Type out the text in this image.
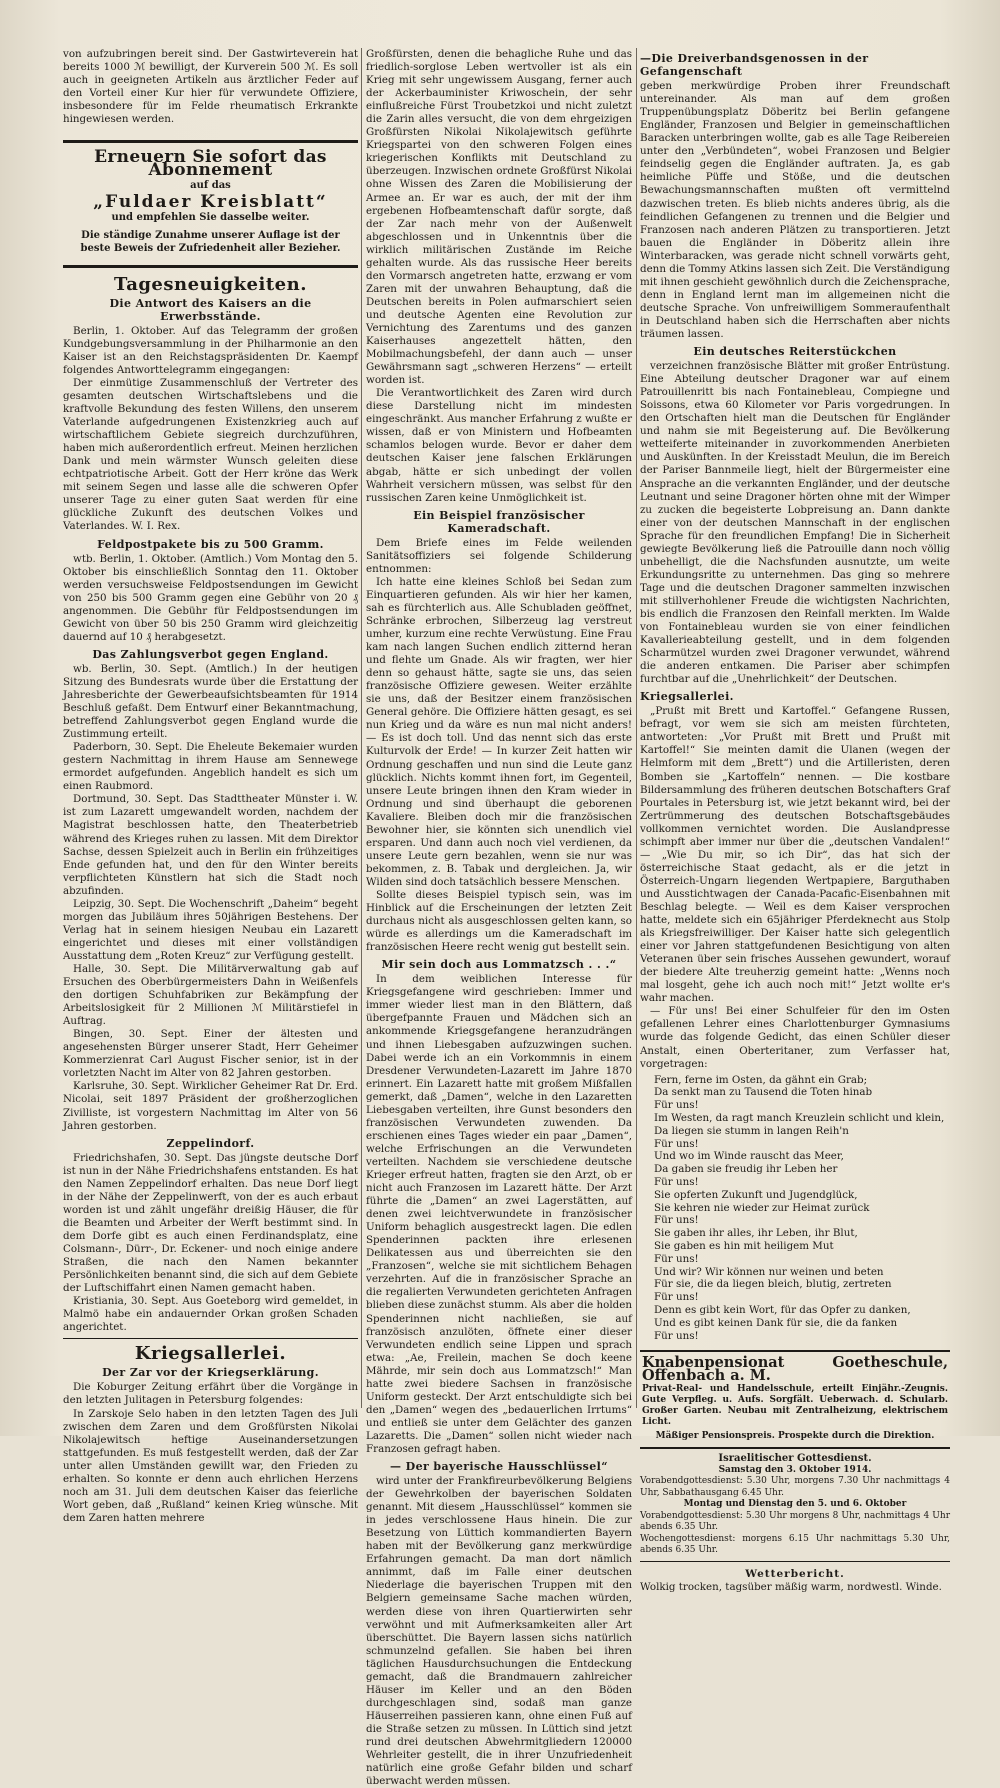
von aufzubringen bereit sind. Der Gastwirteverein hat bereits 1000 ℳ bewilligt, der Kurverein 500 ℳ. Es soll auch in geeigneten Artikeln aus ärztlicher Feder auf den Vorteil einer Kur hier für verwundete Offiziere, insbesondere für im Felde rheumatisch Erkrankte hingewiesen werden.

Erneuern Sie sofort das Abonnement
auf das
„Fuldaer Kreisblatt“
und empfehlen Sie dasselbe weiter.
Die ständige Zunahme unserer Auflage ist der beste Beweis der Zufriedenheit aller Bezieher.
Tagesneuigkeiten.
Die Antwort des Kaisers an die Erwerbsstände.

Berlin, 1. Oktober. Auf das Telegramm der großen Kundgebungsversammlung in der Philharmonie an den Kaiser ist an den Reichstagspräsidenten Dr. Kaempf folgendes Antworttelegramm eingegangen:

Der einmütige Zusammenschluß der Vertreter des gesamten deutschen Wirtschaftslebens und die kraftvolle Bekundung des festen Willens, den unserem Vaterlande aufgedrungenen Existenzkrieg auch auf wirtschaftlichem Gebiete siegreich durchzuführen, haben mich außerordentlich erfreut. Meinen herzlichen Dank und mein wärmster Wunsch geleiten diese echtpatriotische Arbeit. Gott der Herr kröne das Werk mit seinem Segen und lasse alle die schweren Opfer unserer Tage zu einer guten Saat werden für eine glückliche Zukunft des deutschen Volkes und Vaterlandes. W. I. Rex.

Feldpostpakete bis zu 500 Gramm.

wtb. Berlin, 1. Oktober. (Amtlich.) Vom Montag den 5. Oktober bis einschließlich Sonntag den 11. Oktober werden versuchsweise Feldpostsendungen im Gewicht von 250 bis 500 Gramm gegen eine Gebühr von 20 ₰ angenommen. Die Gebühr für Feldpostsendungen im Gewicht von über 50 bis 250 Gramm wird gleichzeitig dauernd auf 10 ₰ herabgesetzt.

Das Zahlungsverbot gegen England.

wb. Berlin, 30. Sept. (Amtlich.) In der heutigen Sitzung des Bundesrats wurde über die Erstattung der Jahresberichte der Gewerbeaufsichtsbeamten für 1914 Beschluß gefaßt. Dem Entwurf einer Bekanntmachung, betreffend Zahlungsverbot gegen England wurde die Zustimmung erteilt.

Paderborn, 30. Sept. Die Eheleute Bekemaier wurden gestern Nachmittag in ihrem Hause am Sennewege ermordet aufgefunden. Angeblich handelt es sich um einen Raubmord.

Dortmund, 30. Sept. Das Stadttheater Münster i. W. ist zum Lazarett umgewandelt worden, nachdem der Magistrat beschlossen hatte, den Theaterbetrieb während des Krieges ruhen zu lassen. Mit dem Direktor Sachse, dessen Spielzeit auch in Berlin ein frühzeitiges Ende gefunden hat, und den für den Winter bereits verpflichteten Künstlern hat sich die Stadt noch abzufinden.

Leipzig, 30. Sept. Die Wochenschrift „Daheim“ begeht morgen das Jubiläum ihres 50jährigen Bestehens. Der Verlag hat in seinem hiesigen Neubau ein Lazarett eingerichtet und dieses mit einer vollständigen Ausstattung dem „Roten Kreuz“ zur Verfügung gestellt.

Halle, 30. Sept. Die Militärverwaltung gab auf Ersuchen des Oberbürgermeisters Dahn in Weißenfels den dortigen Schuhfabriken zur Bekämpfung der Arbeitslosigkeit für 2 Millionen ℳ Militärstiefel in Auftrag.

Bingen, 30. Sept. Einer der ältesten und angesehensten Bürger unserer Stadt, Herr Geheimer Kommerzienrat Carl August Fischer senior, ist in der vorletzten Nacht im Alter von 82 Jahren gestorben.

Karlsruhe, 30. Sept. Wirklicher Geheimer Rat Dr. Erd. Nicolai, seit 1897 Präsident der großherzoglichen Zivilliste, ist vorgestern Nachmittag im Alter von 56 Jahren gestorben.

Zeppelindorf.

Friedrichshafen, 30. Sept. Das jüngste deutsche Dorf ist nun in der Nähe Friedrichshafens entstanden. Es hat den Namen Zeppelindorf erhalten. Das neue Dorf liegt in der Nähe der Zeppelinwerft, von der es auch erbaut worden ist und zählt ungefähr dreißig Häuser, die für die Beamten und Arbeiter der Werft bestimmt sind. In dem Dorfe gibt es auch einen Ferdinandsplatz, eine Colsmann-, Dürr-, Dr. Eckener- und noch einige andere Straßen, die nach den Namen bekannter Persönlichkeiten benannt sind, die sich auf dem Gebiete der Luftschiffahrt einen Namen gemacht haben.

Kristiania, 30. Sept. Aus Goeteborg wird gemeldet, in Malmö habe ein andauernder Orkan großen Schaden angerichtet.

Kriegsallerlei.
Der Zar vor der Kriegserklärung.

Die Koburger Zeitung erfährt über die Vorgänge in den letzten Julitagen in Petersburg folgendes:

In Zarskoje Selo haben in den letzten Tagen des Juli zwischen dem Zaren und dem Großfürsten Nikolai Nikolajewitsch heftige Auseinandersetzungen stattgefunden. Es muß festgestellt werden, daß der Zar unter allen Umständen gewillt war, den Frieden zu erhalten. So konnte er denn auch ehrlichen Herzens noch am 31. Juli dem deutschen Kaiser das feierliche Wort geben, daß „Rußland“ keinen Krieg wünsche. Mit dem Zaren hatten mehrere

Großfürsten, denen die behagliche Ruhe und das friedlich-sorglose Leben wertvoller ist als ein Krieg mit sehr ungewissem Ausgang, ferner auch der Ackerbauminister Kriwoschein, der sehr einflußreiche Fürst Troubetzkoi und nicht zuletzt die Zarin alles versucht, die von dem ehrgeizigen Großfürsten Nikolai Nikolajewitsch geführte Kriegspartei von den schweren Folgen eines kriegerischen Konflikts mit Deutschland zu überzeugen. Inzwischen ordnete Großfürst Nikolai ohne Wissen des Zaren die Mobilisierung der Armee an. Er war es auch, der mit der ihm ergebenen Hofbeamtenschaft dafür sorgte, daß der Zar nach mehr von der Außenwelt abgeschlossen und in Unkenntnis über die wirklich militärischen Zustände im Reiche gehalten wurde. Als das russische Heer bereits den Vormarsch angetreten hatte, erzwang er vom Zaren mit der unwahren Behauptung, daß die Deutschen bereits in Polen aufmarschiert seien und deutsche Agenten eine Revolution zur Vernichtung des Zarentums und des ganzen Kaiserhauses angezettelt hätten, den Mobilmachungsbefehl, der dann auch — unser Gewährsmann sagt „schweren Herzens“ — erteilt worden ist.

Die Verantwortlichkeit des Zaren wird durch diese Darstellung nicht im mindesten eingeschränkt. Aus mancher Erfahrung z wußte er wissen, daß er von Ministern und Hofbeamten schamlos belogen wurde. Bevor er daher dem deutschen Kaiser jene falschen Erklärungen abgab, hätte er sich unbedingt der vollen Wahrheit versichern müssen, was selbst für den russischen Zaren keine Unmöglichkeit ist.

Ein Beispiel französischer Kameradschaft.

Dem Briefe eines im Felde weilenden Sanitätsoffiziers sei folgende Schilderung entnommen:

Ich hatte eine kleines Schloß bei Sedan zum Einquartieren gefunden. Als wir hier her kamen, sah es fürchterlich aus. Alle Schubladen geöffnet, Schränke erbrochen, Silberzeug lag verstreut umher, kurzum eine rechte Verwüstung. Eine Frau kam nach langen Suchen endlich zitternd heran und flehte um Gnade. Als wir fragten, wer hier denn so gehaust hätte, sagte sie uns, das seien französische Offiziere gewesen. Weiter erzählte sie uns, daß der Besitzer einem französischen General gehöre. Die Offiziere hätten gesagt, es sei nun Krieg und da wäre es nun mal nicht anders! — Es ist doch toll. Und das nennt sich das erste Kulturvolk der Erde! — In kurzer Zeit hatten wir Ordnung geschaffen und nun sind die Leute ganz glücklich. Nichts kommt ihnen fort, im Gegenteil, unsere Leute bringen ihnen den Kram wieder in Ordnung und sind überhaupt die geborenen Kavaliere. Bleiben doch mir die französischen Bewohner hier, sie könnten sich unendlich viel ersparen. Und dann auch noch viel verdienen, da unsere Leute gern bezahlen, wenn sie nur was bekommen, z. B. Tabak und dergleichen. Ja, wir Wilden sind doch tatsächlich bessere Menschen.

Sollte dieses Beispiel typisch sein, was im Hinblick auf die Erscheinungen der letzten Zeit durchaus nicht als ausgeschlossen gelten kann, so würde es allerdings um die Kameradschaft im französischen Heere recht wenig gut bestellt sein.

Mir sein doch aus Lommatzsch . . .“

In dem weiblichen Interesse für Kriegsgefangene wird geschrieben: Immer und immer wieder liest man in den Blättern, daß übergefpannte Frauen und Mädchen sich an ankommende Kriegsgefangene heranzudrängen und ihnen Liebesgaben aufzuzwingen suchen. Dabei werde ich an ein Vorkommnis in einem Dresdener Verwundeten-Lazarett im Jahre 1870 erinnert. Ein Lazarett hatte mit großem Mißfallen gemerkt, daß „Damen“, welche in den Lazaretten Liebesgaben verteilten, ihre Gunst besonders den französischen Verwundeten zuwenden. Da erschienen eines Tages wieder ein paar „Damen“, welche Erfrischungen an die Verwundeten verteilten. Nachdem sie verschiedene deutsche Krieger erfreut hatten, fragten sie den Arzt, ob er nicht auch Franzosen im Lazarett hätte. Der Arzt führte die „Damen“ an zwei Lagerstätten, auf denen zwei leichtverwundete in französischer Uniform behaglich ausgestreckt lagen. Die edlen Spenderinnen packten ihre erlesenen Delikatessen aus und überreichten sie den „Franzosen“, welche sie mit sichtlichem Behagen verzehrten. Auf die in französischer Sprache an die regalierten Verwundeten gerichteten Anfragen blieben diese zunächst stumm. Als aber die holden Spenderinnen nicht nachließen, sie auf französisch anzulöten, öffnete einer dieser Verwundeten endlich seine Lippen und sprach etwa: „Ae, Freilein, machen Se doch keene Mährde, mir sein doch aus Lommatzsch!“ Man hatte zwei biedere Sachsen in französische Uniform gesteckt. Der Arzt entschuldigte sich bei den „Damen“ wegen des „bedauerlichen Irrtums“ und entließ sie unter dem Gelächter des ganzen Lazaretts. Die „Damen“ sollen nicht wieder nach Franzosen gefragt haben.

— Der bayerische Hausschlüssel“

wird unter der Frankfireurbevölkerung Belgiens der Gewehrkolben der bayerischen Soldaten genannt. Mit diesem „Hausschlüssel“ kommen sie in jedes verschlossene Haus hinein. Die zur Besetzung von Lüttich kommandierten Bayern haben mit der Bevölkerung ganz merkwürdige Erfahrungen gemacht. Da man dort nämlich annimmt, daß im Falle einer deutschen Niederlage die bayerischen Truppen mit den Belgiern gemeinsame Sache machen würden, werden diese von ihren Quartierwirten sehr verwöhnt und mit Aufmerksamkeiten aller Art überschüttet. Die Bayern lassen sichs natürlich schmunzelnd gefallen. Sie haben bei ihren täglichen Hausdurchsuchungen die Entdeckung gemacht, daß die Brandmauern zahlreicher Häuser im Keller und an den Böden durchgeschlagen sind, sodaß man ganze Häuserreihen passieren kann, ohne einen Fuß auf die Straße setzen zu müssen. In Lüttich sind jetzt rund drei deutschen Abwehrmitgliedern 120000 Wehrleiter gestellt, die in ihrer Unzufriedenheit natürlich eine große Gefahr bilden und scharf überwacht werden müssen.

—Die Dreiverbandsgenossen in der Gefangenschaft

geben merkwürdige Proben ihrer Freundschaft untereinander. Als man auf dem großen Truppenübungsplatz Döberitz bei Berlin gefangene Engländer, Franzosen und Belgier in gemeinschaftlichen Baracken unterbringen wollte, gab es alle Tage Reibereien unter den „Verbündeten“, wobei Franzosen und Belgier feindselig gegen die Engländer auftraten. Ja, es gab heimliche Püffe und Stöße, und die deutschen Bewachungsmannschaften mußten oft vermittelnd dazwischen treten. Es blieb nichts anderes übrig, als die feindlichen Gefangenen zu trennen und die Belgier und Franzosen nach anderen Plätzen zu transportieren. Jetzt bauen die Engländer in Döberitz allein ihre Winterbaracken, was gerade nicht schnell vorwärts geht, denn die Tommy Atkins lassen sich Zeit. Die Verständigung mit ihnen geschieht gewöhnlich durch die Zeichensprache, denn in England lernt man im allgemeinen nicht die deutsche Sprache. Von unfreiwilligem Sommeraufenthalt in Deutschland haben sich die Herrschaften aber nichts träumen lassen.

Ein deutsches Reiterstückchen

verzeichnen französische Blätter mit großer Entrüstung. Eine Abteilung deutscher Dragoner war auf einem Patrouillenritt bis nach Fontainebleau, Compiegne und Soissons, etwa 60 Kilometer vor Paris vorgedrungen. In den Ortschaften hielt man die Deutschen für Engländer und nahm sie mit Begeisterung auf. Die Bevölkerung wetteiferte miteinander in zuvorkommenden Anerbieten und Auskünften. In der Kreisstadt Meulun, die im Bereich der Pariser Bannmeile liegt, hielt der Bürgermeister eine Ansprache an die verkannten Engländer, und der deutsche Leutnant und seine Dragoner hörten ohne mit der Wimper zu zucken die begeisterte Lobpreisung an. Dann dankte einer von der deutschen Mannschaft in der englischen Sprache für den freundlichen Empfang! Die in Sicherheit gewiegte Bevölkerung ließ die Patrouille dann noch völlig unbehelligt, die die Nachsfunden ausnutzte, um weite Erkundungsritte zu unternehmen. Das ging so mehrere Tage und die deutschen Dragoner sammelten inzwischen mit stillverhohlener Freude die wichtigsten Nachrichten, bis endlich die Franzosen den Reinfall merkten. Im Walde von Fontainebleau wurden sie von einer feindlichen Kavallerieabteilung gestellt, und in dem folgenden Scharmützel wurden zwei Dragoner verwundet, während die anderen entkamen. Die Pariser aber schimpfen furchtbar auf die „Unehrlichkeit“ der Deutschen.

Kriegsallerlei.

„Prußt mit Brett und Kartoffel.“ Gefangene Russen, befragt, vor wem sie sich am meisten fürchteten, antworteten: „Vor Prußt mit Brett und Prußt mit Kartoffel!“ Sie meinten damit die Ulanen (wegen der Helmform mit dem „Brett“) und die Artilleristen, deren Bomben sie „Kartoffeln“ nennen. — Die kostbare Bildersammlung des früheren deutschen Botschafters Graf Pourtales in Petersburg ist, wie jetzt bekannt wird, bei der Zertrümmerung des deutschen Botschaftsgebäudes vollkommen vernichtet worden. Die Auslandpresse schimpft aber immer nur über die „deutschen Vandalen!“ — „Wie Du mir, so ich Dir“, das hat sich der österreichische Staat gedacht, als er die jetzt in Österreich-Ungarn liegenden Wertpapiere, Barguthaben und Ausstichtwagen der Canada-Pacafic-Eisenbahnen mit Beschlag belegte. — Weil es dem Kaiser versprochen hatte, meldete sich ein 65jähriger Pferdeknecht aus Stolp als Kriegsfreiwilliger. Der Kaiser hatte sich gelegentlich einer vor Jahren stattgefundenen Besichtigung von alten Veteranen über sein frisches Aussehen gewundert, worauf der biedere Alte treuherzig gemeint hatte: „Wenns noch mal losgeht, gehe ich auch noch mit!“ Jetzt wollte er's wahr machen.

— Für uns! Bei einer Schulfeier für den im Osten gefallenen Lehrer eines Charlottenburger Gymnasiums wurde das folgende Gedicht, das einen Schüler dieser Anstalt, einen Oberteritaner, zum Verfasser hat, vorgetragen:

Fern, ferne im Osten, da gähnt ein Grab;
Da senkt man zu Tausend die Toten hinab
Für uns!
Im Westen, da ragt manch Kreuzlein schlicht und klein,
Da liegen sie stumm in langen Reih'n
Für uns!
Und wo im Winde rauscht das Meer,
Da gaben sie freudig ihr Leben her
Für uns!
Sie opferten Zukunft und Jugendglück,
Sie kehren nie wieder zur Heimat zurück
Für uns!
Sie gaben ihr alles, ihr Leben, ihr Blut,
Sie gaben es hin mit heiligem Mut
Für uns!
Und wir? Wir können nur weinen und beten
Für sie, die da liegen bleich, blutig, zertreten
Für uns!
Denn es gibt kein Wort, für das Opfer zu danken,
Und es gibt keinen Dank für sie, die da fanken
Für uns!
Knabenpensionat Goetheschule, Offenbach a. M.
Privat-Real- und Handelsschule, erteilt Einjähr.-Zeugnis. Gute Verpfleg. u. Aufs. Sorgfält. Ueberwach. d. Schularb. Großer Garten. Neubau mit Zentralheizung, elektrischem Licht.
Mäßiger Pensionspreis. Prospekte durch die Direktion.
Israelitischer Gottesdienst.
Samstag den 3. Oktober 1914.
Vorabendgottesdienst: 5.30 Uhr, morgens 7.30 Uhr nachmittags 4 Uhr, Sabbathausgang 6.45 Uhr.
Montag und Dienstag den 5. und 6. Oktober
Vorabendgottesdienst: 5.30 Uhr morgens 8 Uhr, nachmittags 4 Uhr abends 6.35 Uhr.
Wochengottesdienst: morgens 6.15 Uhr nachmittags 5.30 Uhr, abends 6.35 Uhr.
Wetterbericht.

Wolkig trocken, tagsüber mäßig warm, nordwestl. Winde.
